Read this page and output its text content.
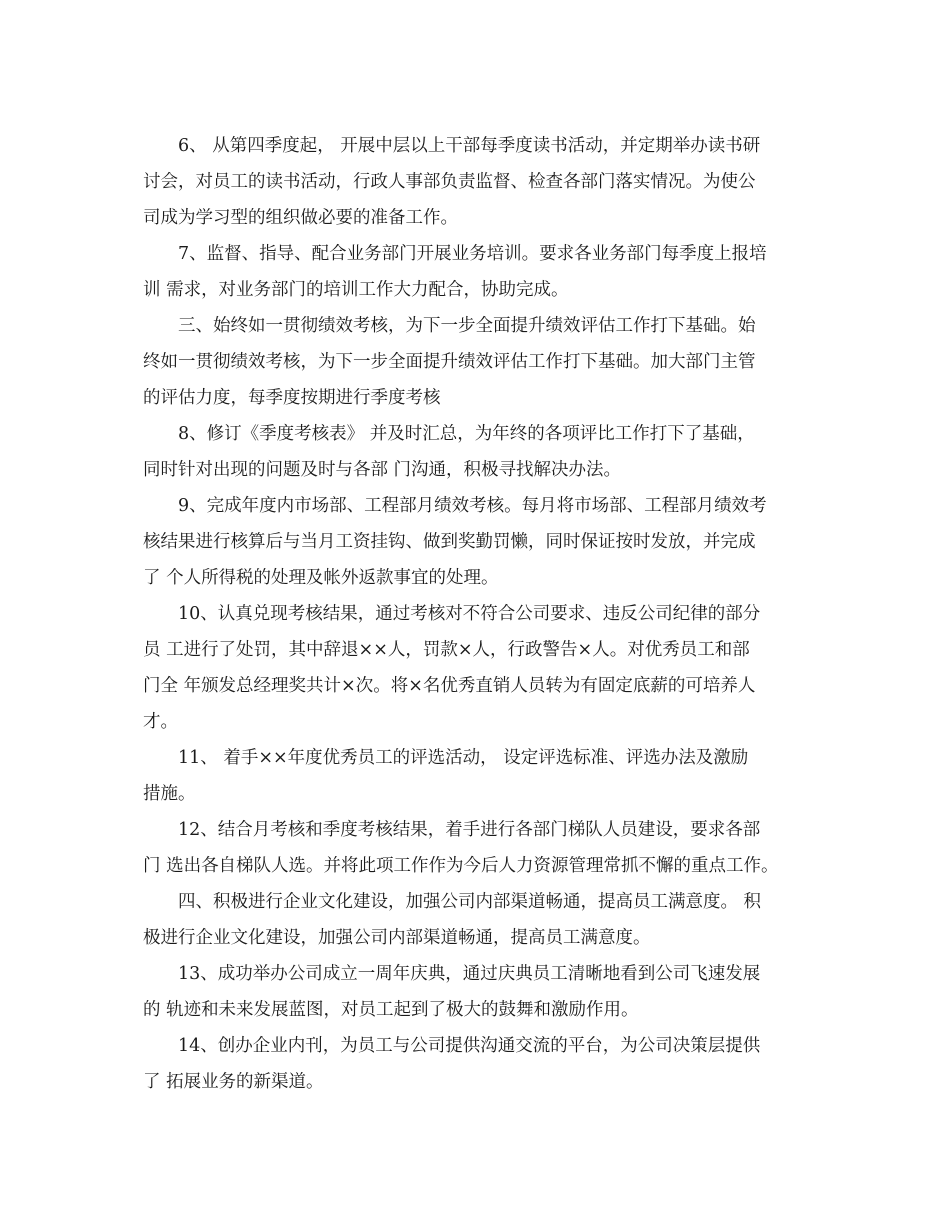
6、 从第四季度起， 开展中层以上干部每季度读书活动，并定期举办读书研
讨会，对员工的读书活动，行政人事部负责监督、检查各部门落实情况。为使公
司成为学习型的组织做必要的准备工作。
7、监督、指导、配合业务部门开展业务培训。要求各业务部门每季度上报培
训 需求，对业务部门的培训工作大力配合，协助完成。
三、始终如一贯彻绩效考核，为下一步全面提升绩效评估工作打下基础。始
终如一贯彻绩效考核，为下一步全面提升绩效评估工作打下基础。加大部门主管
的评估力度，每季度按期进行季度考核
8、修订《季度考核表》 并及时汇总，为年终的各项评比工作打下了基础，
同时针对出现的问题及时与各部 门沟通，积极寻找解决办法。
9、完成年度内市场部、工程部月绩效考核。每月将市场部、工程部月绩效考
核结果进行核算后与当月工资挂钩、做到奖勤罚懒，同时保证按时发放，并完成
了 个人所得税的处理及帐外返款事宜的处理。
10、认真兑现考核结果，通过考核对不符合公司要求、违反公司纪律的部分
员 工进行了处罚，其中辞退××人，罚款×人，行政警告×人。对优秀员工和部
门全 年颁发总经理奖共计×次。将×名优秀直销人员转为有固定底薪的可培养人
才。
11、 着手××年度优秀员工的评选活动， 设定评选标准、评选办法及激励
措施。
12、结合月考核和季度考核结果，着手进行各部门梯队人员建设，要求各部
门 选出各自梯队人选。并将此项工作作为今后人力资源管理常抓不懈的重点工作。
四、积极进行企业文化建设，加强公司内部渠道畅通，提高员工满意度。 积
极进行企业文化建设，加强公司内部渠道畅通，提高员工满意度。
13、成功举办公司成立一周年庆典，通过庆典员工清晰地看到公司飞速发展
的 轨迹和未来发展蓝图，对员工起到了极大的鼓舞和激励作用。
14、创办企业内刊，为员工与公司提供沟通交流的平台，为公司决策层提供
了 拓展业务的新渠道。
